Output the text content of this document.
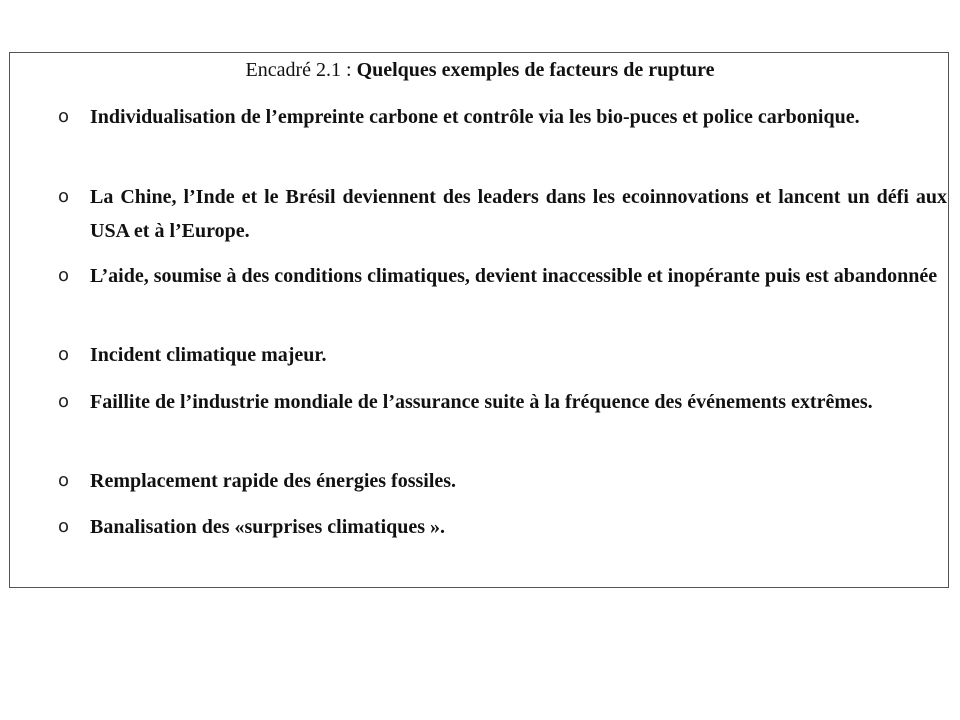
Encadré 2.1 : Quelques exemples de facteurs de rupture
o	Individualisation de l’empreinte carbone et contrôle via les bio-puces et police carbonique.
o	La Chine, l’Inde et le Brésil deviennent des leaders dans les ecoinnovations et lancent un défi aux USA et à l’Europe.
o	L’aide, soumise à des conditions climatiques, devient inaccessible et inopérante puis est abandonnée
o	Incident climatique majeur.
o	Faillite de l’industrie mondiale de l’assurance suite à la fréquence des événements extrêmes.
o	Remplacement rapide des énergies fossiles.
o	Banalisation des «surprises climatiques ».
